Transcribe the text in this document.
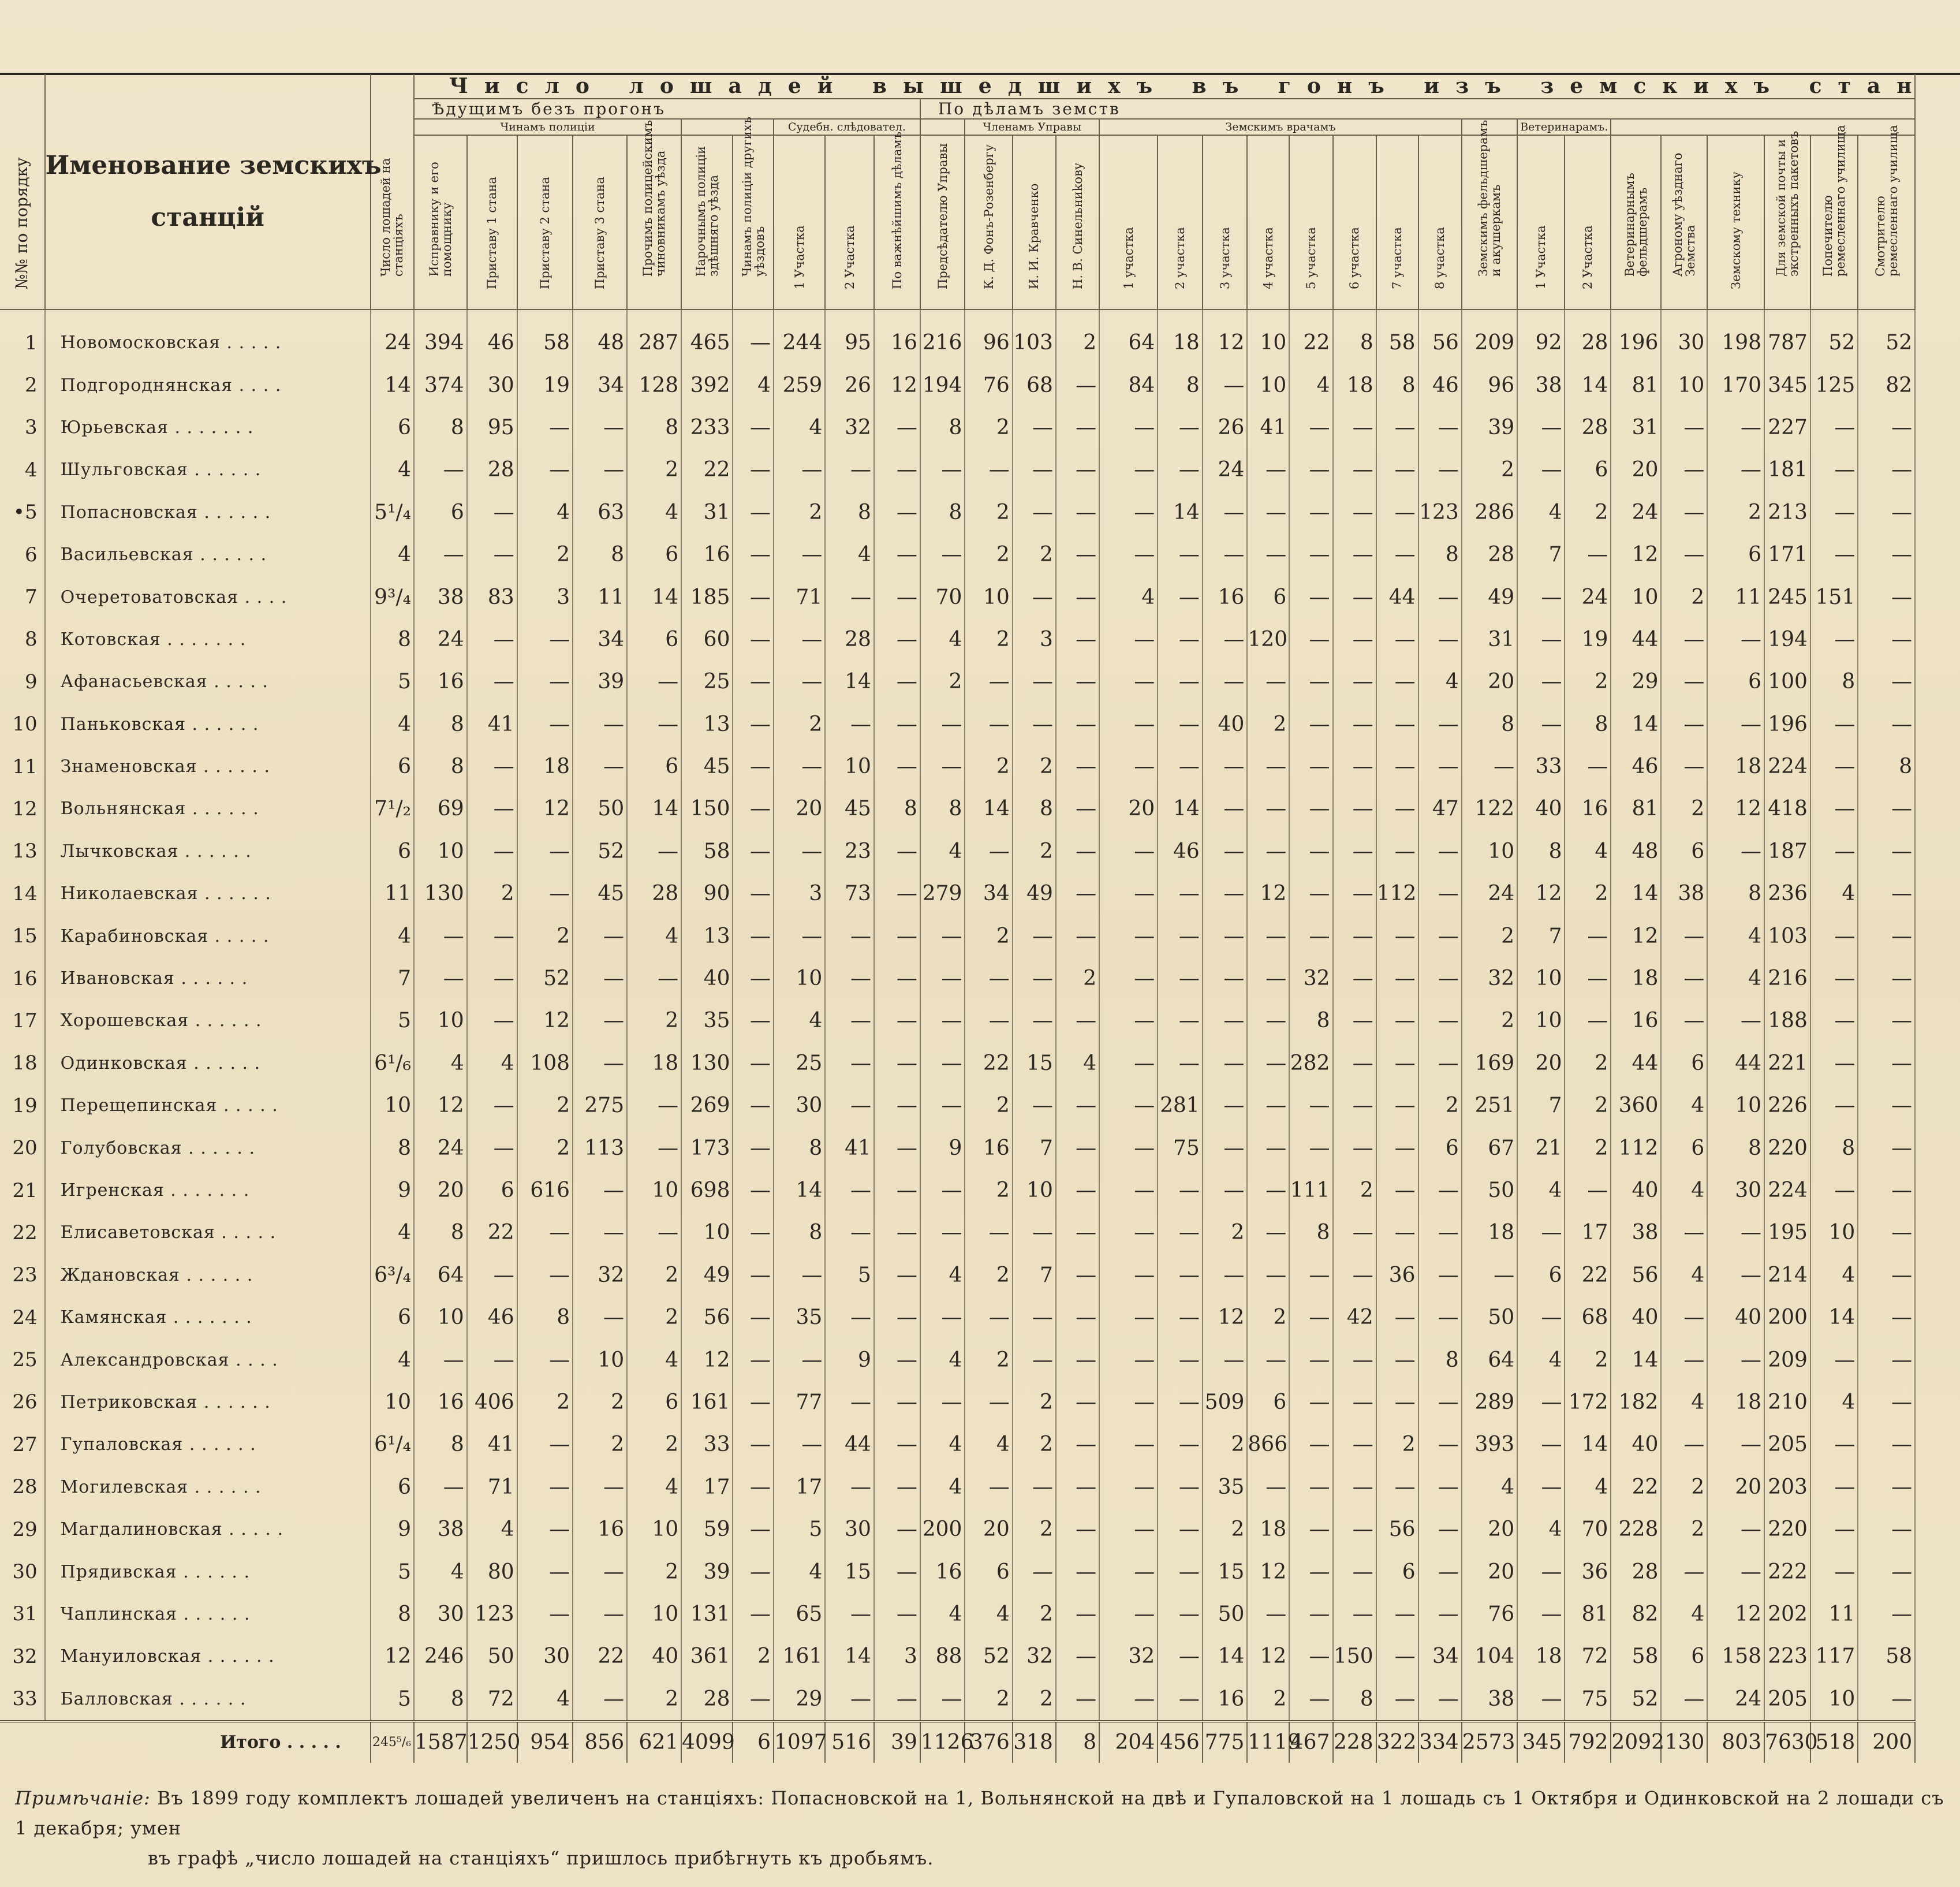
№№ по порядку	Именование земскихъ
станцій	Число лошадей на станціяхъ	Число лошадей вышедшихъ въ гонъ изъ земскихъ стан																														
			Ѣдущимъ безъ прогонъ										По дѣламъ земств																				
			Чинамъ полиціи							Судебн. слѣдовател.				Членамъ Управы			Земскимъ врачамъ									Ветеринарамъ.							

			Исправнику и его помощнику	Приставу 1 стана	Приставу 2 стана	Приставу 3 стана	Прочимъ полицейскимъ чиновникамъ уѣзда	Нарочнымъ полиціи здѣшняго уѣзда	Чинамъ полиціи другихъ уѣздовъ	1 Участка	2 Участка	По важнѣйшимъ дѣламъ	Предсѣдателю Управы	К. Д. Фонъ-Розенбергу	И. И. Кравченко	Н. В. Синельниkову	1 участка	2 участка	3 участка	4 участка	5 участка	6 участка	7 участка	8 участка	Земскимъ фельдшерамъ и акушеркамъ	1 Участка	2 Участка	Ветеринарнымъ фельдшерамъ	Агроному уѣзднаго Земства	Земскому технику	Для земской почты и экстренныхъ пакетовъ	Попечителю ремесленнаго училища	Смотрителю ремесленнаго училища

1	Новомосковская . . . . .	24	394	46	58	48	287	465	—	244	95	16	216	96	103	2	64	18	12	10	22	8	58	56	209	92	28	196	30	198	787	52	52
2	Подгороднянская . . . .	14	374	30	19	34	128	392	4	259	26	12	194	76	68	—	84	8	—	10	4	18	8	46	96	38	14	81	10	170	345	125	82
3	Юрьевская . . . . . . .	6	8	95	—	—	8	233	—	4	32	—	8	2	—	—	—	—	26	41	—	—	—	—	39	—	28	31	—	—	227	—	—
4	Шульговская . . . . . .	4	—	28	—	—	2	22	—	—	—	—	—	—	—	—	—	—	24	—	—	—	—	—	2	—	6	20	—	—	181	—	—
•5	Попасновская . . . . . .	5¹/₄	6	—	4	63	4	31	—	2	8	—	8	2	—	—	—	14	—	—	—	—	—	123	286	4	2	24	—	2	213	—	—
6	Васильевская . . . . . .	4	—	—	2	8	6	16	—	—	4	—	—	2	2	—	—	—	—	—	—	—	—	8	28	7	—	12	—	6	171	—	—
7	Очеретоватовская . . . .	9³/₄	38	83	3	11	14	185	—	71	—	—	70	10	—	—	4	—	16	6	—	—	44	—	49	—	24	10	2	11	245	151	—
8	Котовская . . . . . . .	8	24	—	—	34	6	60	—	—	28	—	4	2	3	—	—	—	—	120	—	—	—	—	31	—	19	44	—	—	194	—	—
9	Афанасьевская . . . . .	5	16	—	—	39	—	25	—	—	14	—	2	—	—	—	—	—	—	—	—	—	—	4	20	—	2	29	—	6	100	8	—
10	Паньковская . . . . . .	4	8	41	—	—	—	13	—	2	—	—	—	—	—	—	—	—	40	2	—	—	—	—	8	—	8	14	—	—	196	—	—
11	Знаменовская . . . . . .	6	8	—	18	—	6	45	—	—	10	—	—	2	2	—	—	—	—	—	—	—	—	—	—	33	—	46	—	18	224	—	8
12	Вольнянская . . . . . .	7¹/₂	69	—	12	50	14	150	—	20	45	8	8	14	8	—	20	14	—	—	—	—	—	47	122	40	16	81	2	12	418	—	—
13	Лычковская . . . . . .	6	10	—	—	52	—	58	—	—	23	—	4	—	2	—	—	46	—	—	—	—	—	—	10	8	4	48	6	—	187	—	—
14	Николаевская . . . . . .	11	130	2	—	45	28	90	—	3	73	—	279	34	49	—	—	—	—	12	—	—	112	—	24	12	2	14	38	8	236	4	—
15	Карабиновская . . . . .	4	—	—	2	—	4	13	—	—	—	—	—	2	—	—	—	—	—	—	—	—	—	—	2	7	—	12	—	4	103	—	—
16	Ивановская . . . . . .	7	—	—	52	—	—	40	—	10	—	—	—	—	—	2	—	—	—	—	32	—	—	—	32	10	—	18	—	4	216	—	—
17	Хорошевская . . . . . .	5	10	—	12	—	2	35	—	4	—	—	—	—	—	—	—	—	—	—	8	—	—	—	2	10	—	16	—	—	188	—	—
18	Одинковская . . . . . .	6¹/₆	4	4	108	—	18	130	—	25	—	—	—	22	15	4	—	—	—	—	282	—	—	—	169	20	2	44	6	44	221	—	—
19	Перещепинская . . . . .	10	12	—	2	275	—	269	—	30	—	—	—	2	—	—	—	281	—	—	—	—	—	2	251	7	2	360	4	10	226	—	—
20	Голубовская . . . . . .	8	24	—	2	113	—	173	—	8	41	—	9	16	7	—	—	75	—	—	—	—	—	6	67	21	2	112	6	8	220	8	—
21	Игренская . . . . . . .	9	20	6	616	—	10	698	—	14	—	—	—	2	10	—	—	—	—	—	111	2	—	—	50	4	—	40	4	30	224	—	—
22	Елисаветовская . . . . .	4	8	22	—	—	—	10	—	8	—	—	—	—	—	—	—	—	2	—	8	—	—	—	18	—	17	38	—	—	195	10	—
23	Ждановская . . . . . .	6³/₄	64	—	—	32	2	49	—	—	5	—	4	2	7	—	—	—	—	—	—	—	36	—	—	6	22	56	4	—	214	4	—
24	Камянская . . . . . . .	6	10	46	8	—	2	56	—	35	—	—	—	—	—	—	—	—	12	2	—	42	—	—	50	—	68	40	—	40	200	14	—
25	Александровская . . . .	4	—	—	—	10	4	12	—	—	9	—	4	2	—	—	—	—	—	—	—	—	—	8	64	4	2	14	—	—	209	—	—
26	Петриковская . . . . . .	10	16	406	2	2	6	161	—	77	—	—	—	—	2	—	—	—	509	6	—	—	—	—	289	—	172	182	4	18	210	4	—
27	Гупаловская . . . . . .	6¹/₄	8	41	—	2	2	33	—	—	44	—	4	4	2	—	—	—	2	866	—	—	2	—	393	—	14	40	—	—	205	—	—
28	Могилевская . . . . . .	6	—	71	—	—	4	17	—	17	—	—	4	—	—	—	—	—	35	—	—	—	—	—	4	—	4	22	2	20	203	—	—
29	Магдалиновская . . . . .	9	38	4	—	16	10	59	—	5	30	—	200	20	2	—	—	—	2	18	—	—	56	—	20	4	70	228	2	—	220	—	—
30	Прядивская . . . . . .	5	4	80	—	—	2	39	—	4	15	—	16	6	—	—	—	—	15	12	—	—	6	—	20	—	36	28	—	—	222	—	—
31	Чаплинская . . . . . .	8	30	123	—	—	10	131	—	65	—	—	4	4	2	—	—	—	50	—	—	—	—	—	76	—	81	82	4	12	202	11	—
32	Мануиловская . . . . . .	12	246	50	30	22	40	361	2	161	14	3	88	52	32	—	32	—	14	12	—	150	—	34	104	18	72	58	6	158	223	117	58
33	Балловская . . . . . .	5	8	72	4	—	2	28	—	29	—	—	—	2	2	—	—	—	16	2	—	8	—	—	38	—	75	52	—	24	205	10	—
Итого . . . . .		245⁵/₆	1587	1250	954	856	621	4099	6	1097	516	39	1126	376	318	8	204	456	775	1119	467	228	322	334	2573	345	792	2092	130	803	7630	518	200
Примѣчаніе: Въ 1899 году комплектъ лошадей увеличенъ на станціяхъ: Попасновской на 1, Вольнянской на двѣ и Гупаловской на 1 лошадь съ 1 Октября и Одинковской на 2 лошади съ 1 декабря; умен
въ графѣ „число лошадей на станціяхъ“ пришлось прибѣгнуть къ дробьямъ.
